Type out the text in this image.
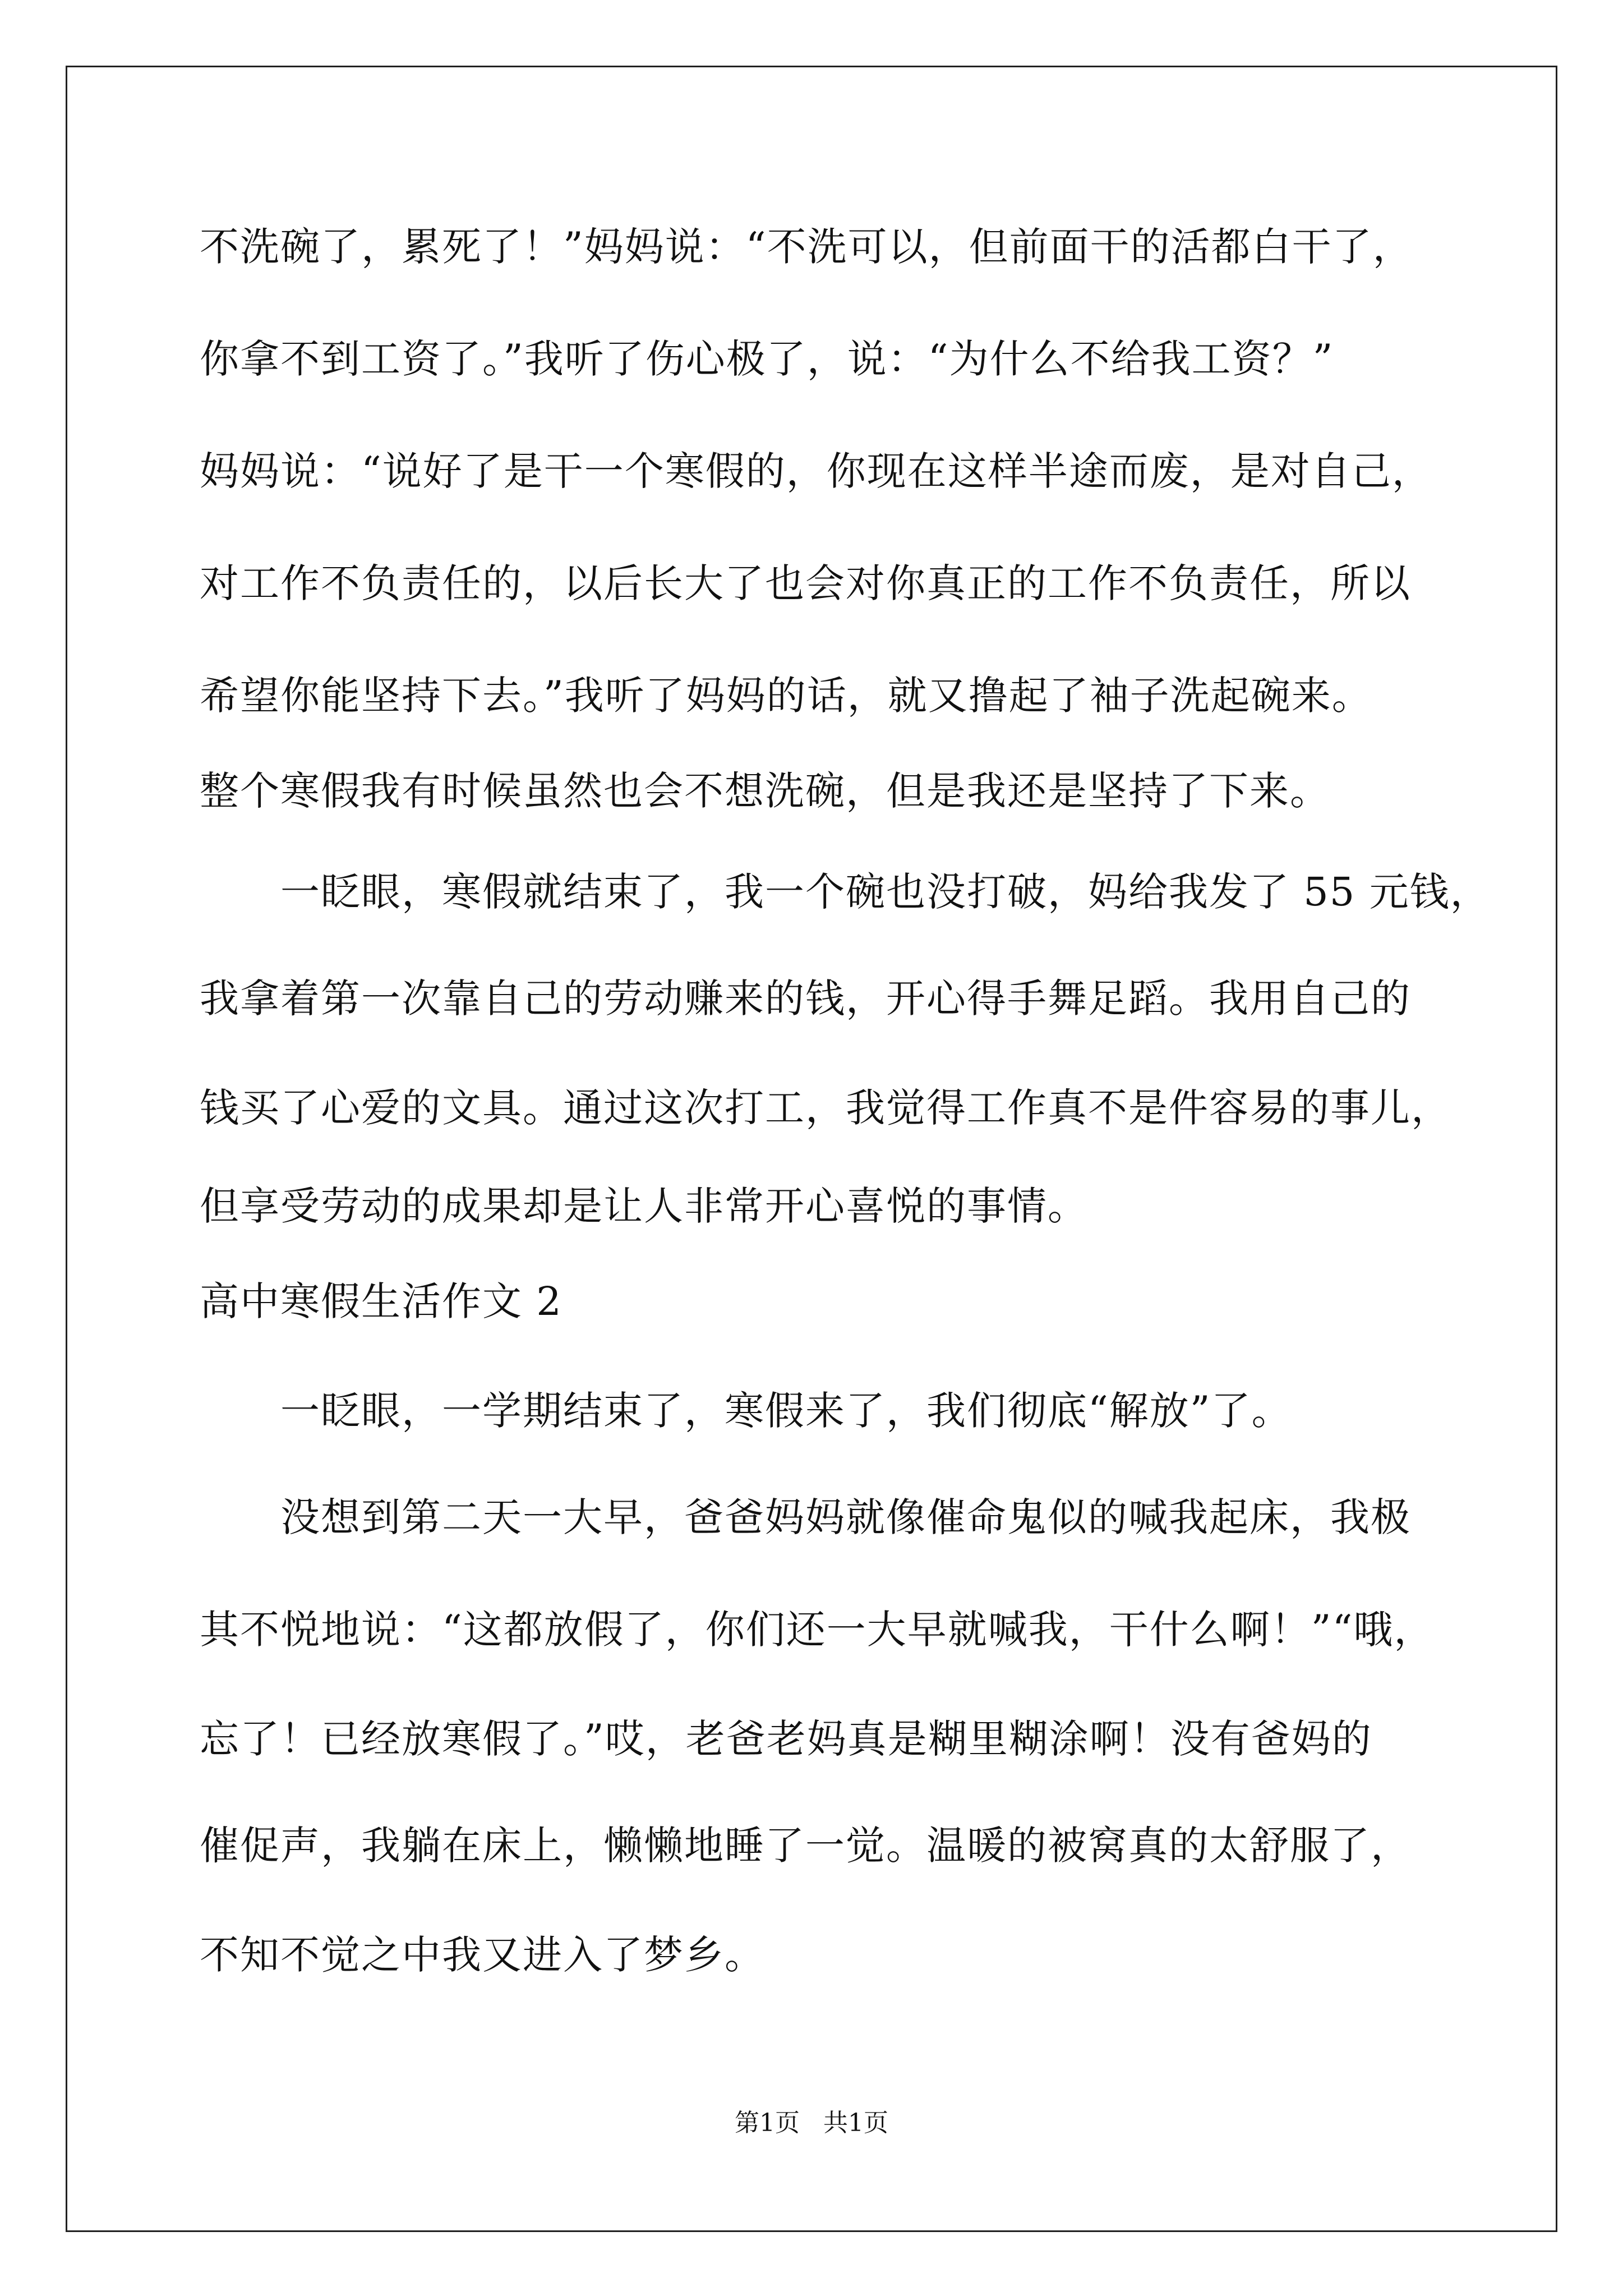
不洗碗了，累死了！”妈妈说：“不洗可以，但前面干的活都白干了，
你拿不到工资了。”我听了伤心极了，说：“为什么不给我工资？”
妈妈说：“说好了是干一个寒假的，你现在这样半途而废，是对自己，
对工作不负责任的，以后长大了也会对你真正的工作不负责任，所以
希望你能坚持下去。”我听了妈妈的话，就又撸起了袖子洗起碗来。
整个寒假我有时候虽然也会不想洗碗，但是我还是坚持了下来。
一眨眼，寒假就结束了，我一个碗也没打破，妈给我发了 55 元钱，
我拿着第一次靠自己的劳动赚来的钱，开心得手舞足蹈。我用自己的
钱买了心爱的文具。通过这次打工，我觉得工作真不是件容易的事儿，
但享受劳动的成果却是让人非常开心喜悦的事情。
高中寒假生活作文 2
一眨眼，一学期结束了，寒假来了，我们彻底“解放”了。
没想到第二天一大早，爸爸妈妈就像催命鬼似的喊我起床，我极
其不悦地说：“这都放假了，你们还一大早就喊我，干什么啊！”“哦，
忘了！已经放寒假了。”哎，老爸老妈真是糊里糊涂啊！没有爸妈的
催促声，我躺在床上，懒懒地睡了一觉。温暖的被窝真的太舒服了，
不知不觉之中我又进入了梦乡。
第1页   共1页
